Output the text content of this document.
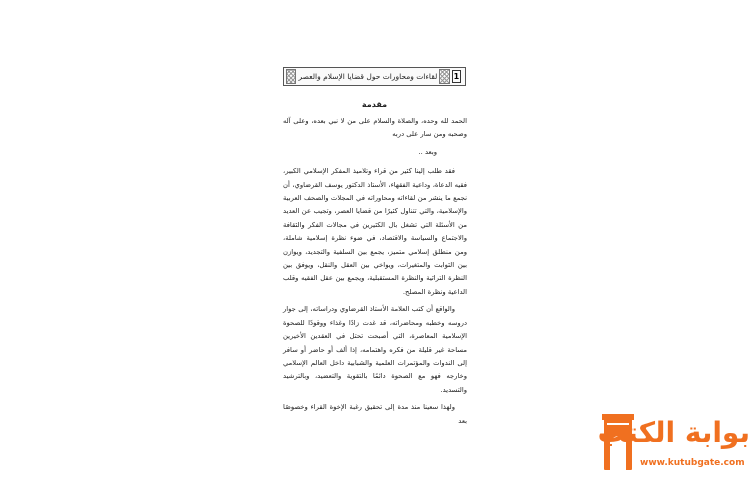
1
لقاءات ومحاورات حول قضايا الإسلام والعصر
مقدمة

الحمد لله وحده، والصلاة والسلام على من لا نبي بعده، وعلى آله وصحبه ومن سار على دربه

وبعد ..

فقد طلب إلينا كثير من قراء وتلاميذ المفكر الإسلامي الكبير، فقيه الدعاة، وداعية الفقهاء، الأستاذ الدكتور يوسف القرضاوي، أن نجمع ما ينشر من لقاءاته ومحاوراته في المجلات والصحف العربية والإسلامية، والتي تتناول كثيرًا من قضايا العصر، وتجيب عن العديد من الأسئلة التي تشغل بال الكثيرين في مجالات الفكر والثقافة والاجتماع والسياسة والاقتصاد، في ضوء نظرة إسلامية شاملة، ومن منطلق إسلامي متميز، يجمع بين السلفية والتجديد، ويوازن بين الثوابت والمتغيرات، ويواخي بين العقل والنقل، ويوفق بين النظرة التراثية والنظرة المستقبلية، ويجمع بين عقل الفقيه وقلب الداعية ونظرة المصلح.

والواقع أن كتب العلامة الأستاذ القرضاوي ودراساته، إلى جوار دروسه وخطبه ومحاضراته، قد غدت زادًا وغذاء ووقودًا للصحوة الإسلامية المعاصرة، التي أصبحت تحتل في العقدين الأخيرين مساحة غير قليلة من فكره واهتمامه، إذا ألف أو حاضر أو سافر إلى الندوات والمؤتمرات العلمية والشبابية داخل العالم الإسلامي وخارجه فهو مع الصحوة دائمًا بالتقوية والتعضيد، وبالترشيد والتسديد.

ولهذا سعينا منذ مدة إلى تحقيق رغبة الإخوة القراء وخصوصًا بعد	بوابة الكتب
www.kutubgate.com
